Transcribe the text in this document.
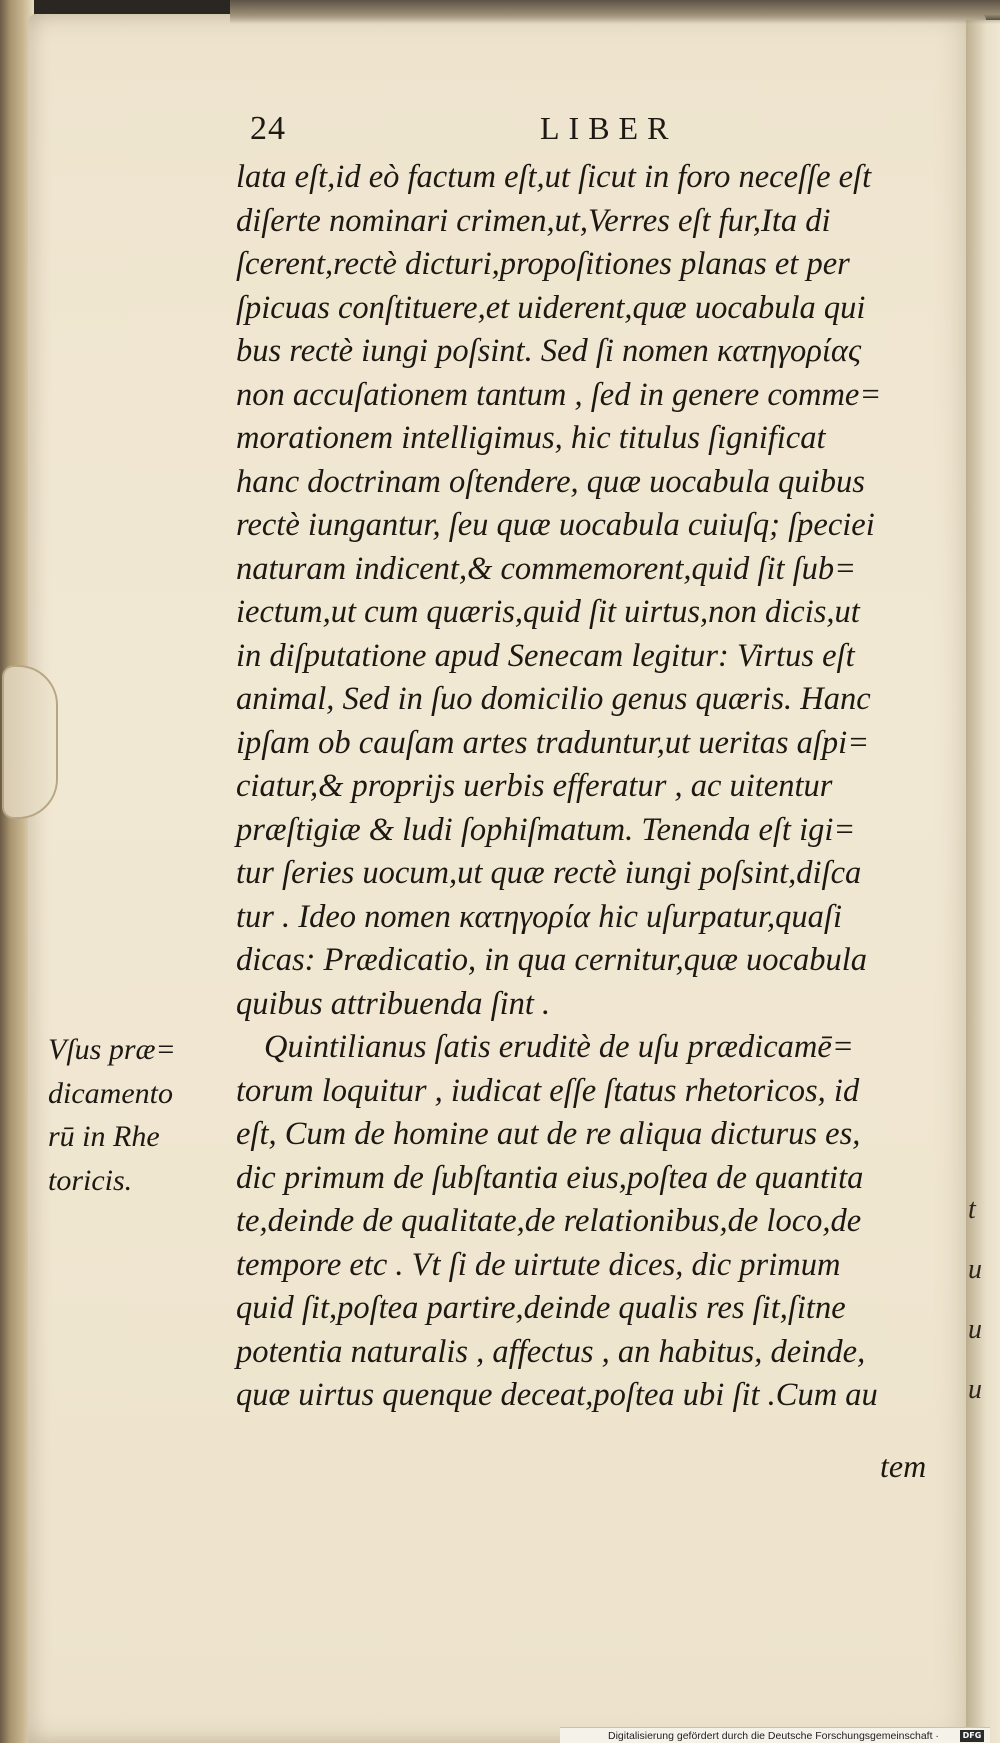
24	LIBER
lata eſt,id eò factum eſt,ut ſicut in foro neceſſe eſt
diſerte nominari crimen,ut,Verres eſt fur,Ita di
ſcerent,rectè dicturi,propoſitiones planas et per
ſpicuas conſtituere,et uiderent,quæ uocabula qui
bus rectè iungi poſsint. Sed ſi nomen κατηγορίας
non accuſationem tantum , ſed in genere comme=
morationem intelligimus, hic titulus ſignificat
hanc doctrinam oſtendere, quæ uocabula quibus
rectè iungantur, ſeu quæ uocabula cuiuſq; ſpeciei
naturam indicent,& commemorent,quid ſit ſub=
iectum,ut cum quæris,quid ſit uirtus,non dicis,ut
in diſputatione apud Senecam legitur: Virtus eſt
animal, Sed in ſuo domicilio genus quæris. Hanc
ipſam ob cauſam artes traduntur,ut ueritas aſpi=
ciatur,& proprijs uerbis efferatur , ac uitentur
præſtigiæ & ludi ſophiſmatum. Tenenda eſt igi=
tur ſeries uocum,ut quæ rectè iungi poſsint,diſca
tur . Ideo nomen κατηγορία hic uſurpatur,quaſi
dicas: Prædicatio, in qua cernitur,quæ uocabula
quibus attribuenda ſint .
Quintilianus ſatis eruditè de uſu prædicamē=
torum loquitur , iudicat eſſe ſtatus rhetoricos, id
eſt, Cum de homine aut de re aliqua dicturus es,
dic primum de ſubſtantia eius,poſtea de quantita
te,deinde de qualitate,de relationibus,de loco,de
tempore etc . Vt ſi de uirtute dices, dic primum
quid ſit,poſtea partire,deinde qualis res ſit,ſitne
potentia naturalis , affectus , an habitus, deinde,
quæ uirtus quenque deceat,poſtea ubi ſit .Cum au
tem
Vſus præ=
dicamento
rū in Rhe
toricis.
t
u
u
u
Digitalisierung gefördert durch die Deutsche Forschungsgemeinschaft ·	DFG
